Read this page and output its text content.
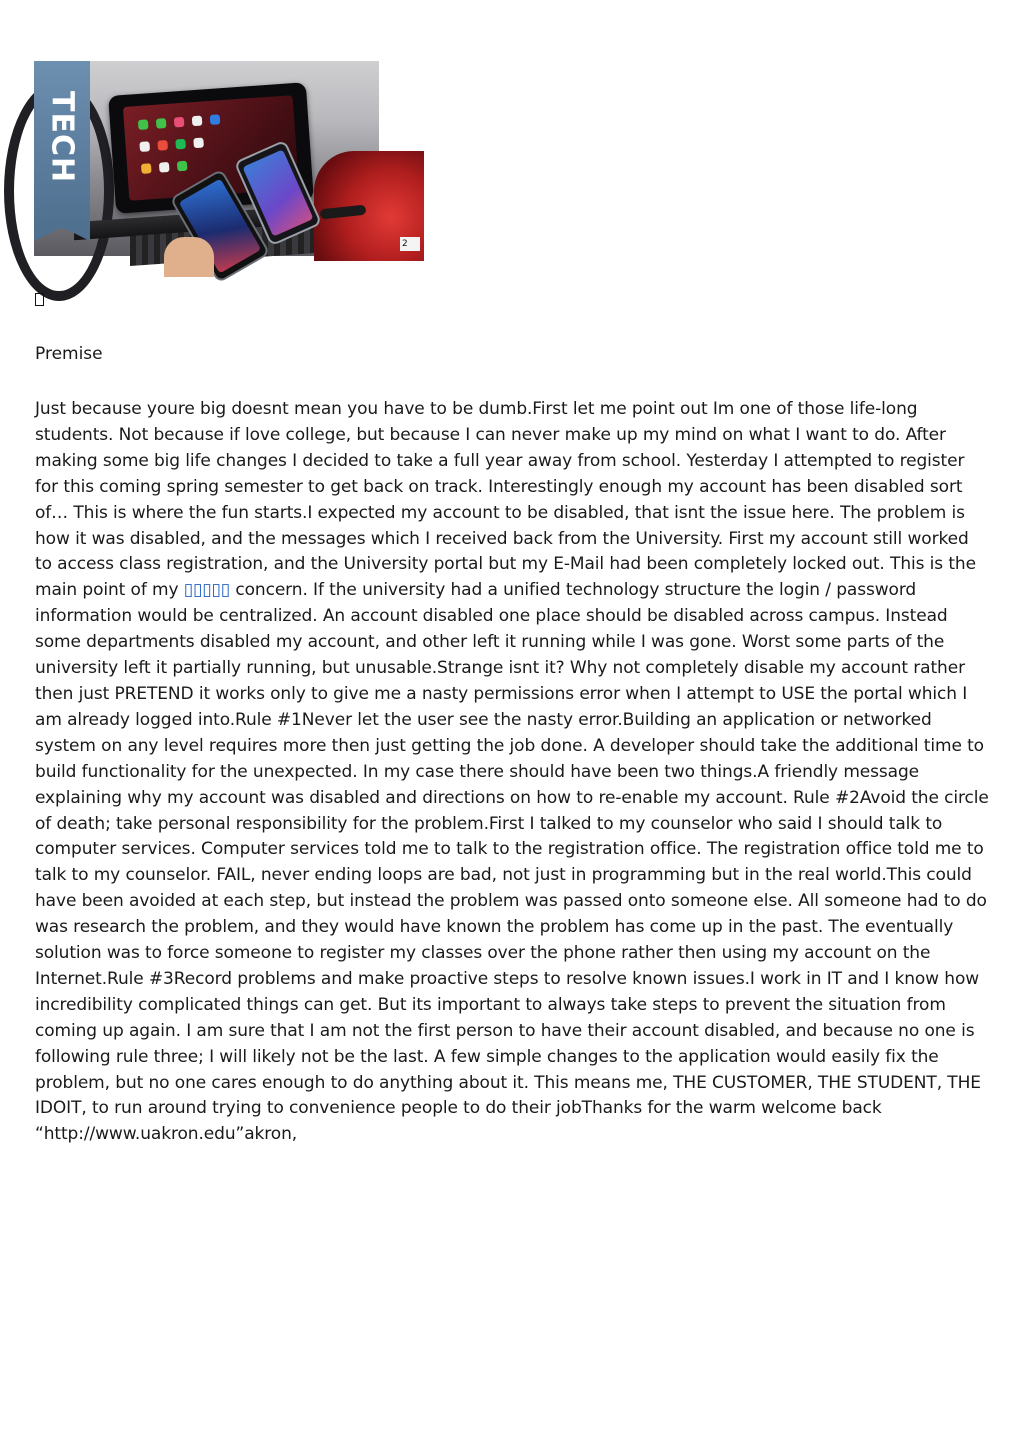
2
TECH
Premise
Just because youre big doesnt mean you have to be dumb.First let me point out Im one of those life-long students. Not because if love college, but because I can never make up my mind on what I want to do. After making some big life changes I decided to take a full year away from school. Yesterday I attempted to register for this coming spring semester to get back on track. Interestingly enough my account has been disabled sort of… This is where the fun starts.I expected my account to be disabled, that isnt the issue here. The problem is how it was disabled, and the messages which I received back from the University. First my account still worked to access class registration, and the University portal but my E-Mail had been completely locked out. This is the main point of my ▯▯▯▯▯ concern. If the university had a unified technology structure the login / password information would be centralized. An account disabled one place should be disabled across campus. Instead some departments disabled my account, and other left it running while I was gone. Worst some parts of the university left it partially running, but unusable.Strange isnt it? Why not completely disable my account rather then just PRETEND it works only to give me a nasty permissions error when I attempt to USE the portal which I am already logged into.Rule #1Never let the user see the nasty error.Building an application or networked system on any level requires more then just getting the job done. A developer should take the additional time to build functionality for the unexpected. In my case there should have been two things.A friendly message explaining why my account was disabled and directions on how to re-enable my account. Rule #2Avoid the circle of death; take personal responsibility for the problem.First I talked to my counselor who said I should talk to computer services. Computer services told me to talk to the registration office. The registration office told me to talk to my counselor. FAIL, never ending loops are bad, not just in programming but in the real world.This could have been avoided at each step, but instead the problem was passed onto someone else. All someone had to do was research the problem, and they would have known the problem has come up in the past. The eventually solution was to force someone to register my classes over the phone rather then using my account on the Internet.Rule #3Record problems and make proactive steps to resolve known issues.I work in IT and I know how incredibility complicated things can get. But its important to always take steps to prevent the situation from coming up again. I am sure that I am not the first person to have their account disabled, and because no one is following rule three; I will likely not be the last. A few simple changes to the application would easily fix the problem, but no one cares enough to do anything about it. This means me, THE CUSTOMER, THE STUDENT, THE IDOIT, to run around trying to convenience people to do their jobThanks for the warm welcome back “http://www.uakron.edu”akron,
